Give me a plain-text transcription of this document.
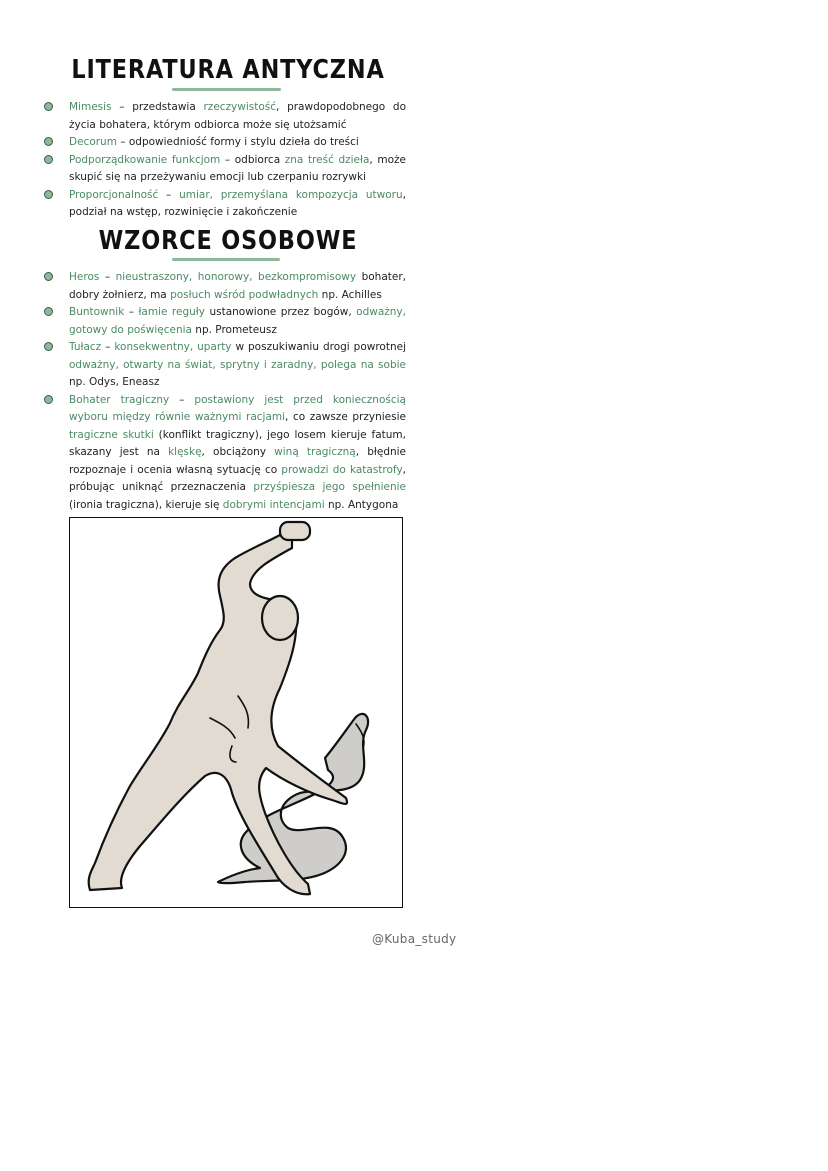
LITERATURA ANTYCZNA
Mimesis – przedstawia rzeczywistość, prawdopodobnego do życia bohatera, którym odbiorca może się utożsamić
Decorum – odpowiedniość formy i stylu dzieła do treści
Podporządkowanie funkcjom – odbiorca zna treść dzieła, może skupić się na przeżywaniu emocji lub czerpaniu rozrywki
Proporcjonalność – umiar, przemyślana kompozycja utworu, podział na wstęp, rozwinięcie i zakończenie
WZORCE OSOBOWE
Heros – nieustraszony, honorowy, bezkompromisowy bohater, dobry żołnierz, ma posłuch wśród podwładnych np. Achilles
Buntownik – łamie reguły ustanowione przez bogów, odważny, gotowy do poświęcenia np. Prometeusz
Tułacz – konsekwentny, uparty w poszukiwaniu drogi powrotnej odważny, otwarty na świat, sprytny i zaradny, polega na sobie np. Odys, Eneasz
Bohater tragiczny – postawiony jest przed koniecznością wyboru między równie ważnymi racjami, co zawsze przyniesie tragiczne skutki (konflikt tragiczny), jego losem kieruje fatum, skazany jest na klęskę, obciążony winą tragiczną, błędnie rozpoznaje i ocenia własną sytuację co prowadzi do katastrofy, próbując uniknąć przeznaczenia przyśpiesza jego spełnienie (ironia tragiczna), kieruje się dobrymi intencjami np. Antygona
@Kuba_study
